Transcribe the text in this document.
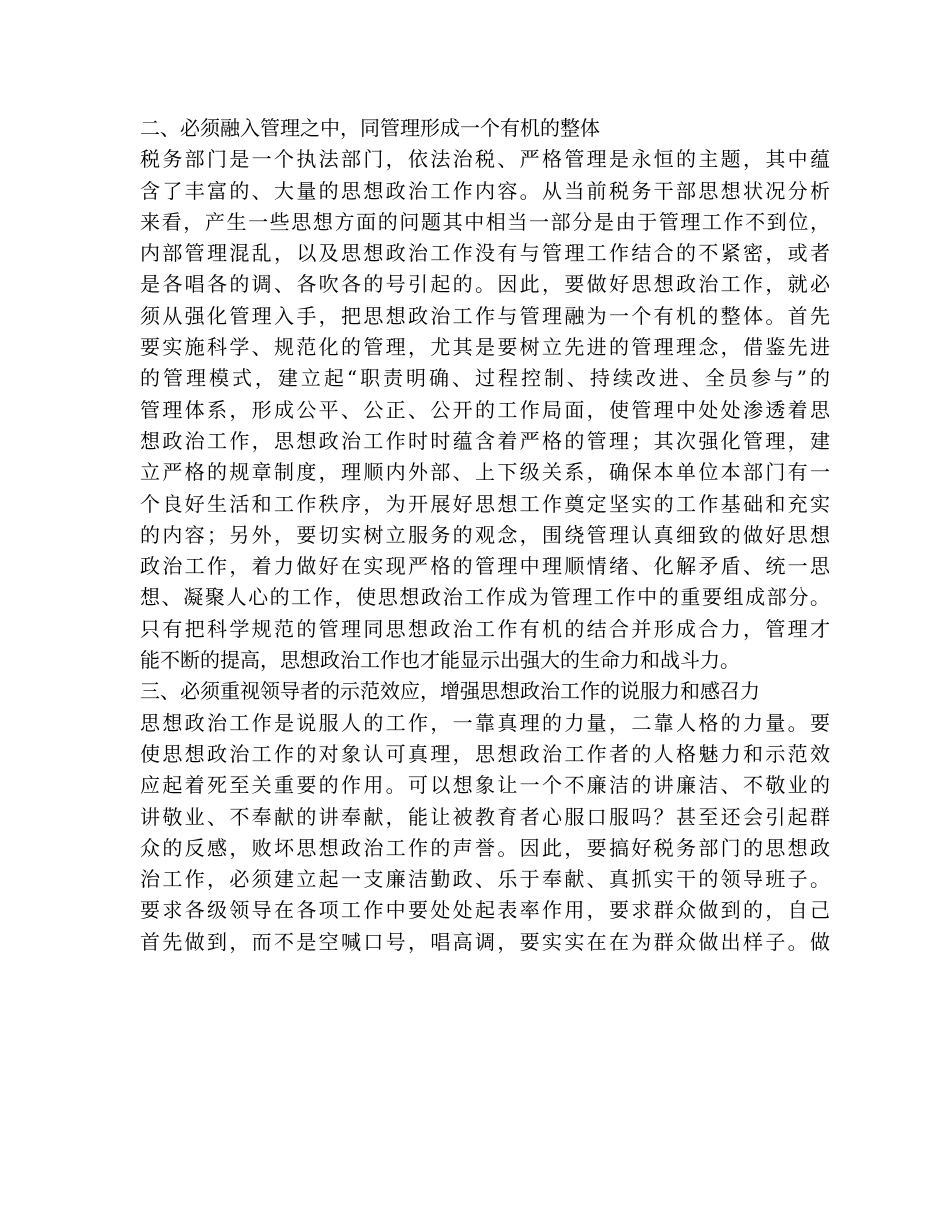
二、必须融入管理之中，同管理形成一个有机的整体
税务部门是一个执法部门，依法治税、严格管理是永恒的主题，其中蕴
含了丰富的、大量的思想政治工作内容。从当前税务干部思想状况分析
来看，产生一些思想方面的问题其中相当一部分是由于管理工作不到位，
内部管理混乱，以及思想政治工作没有与管理工作结合的不紧密，或者
是各唱各的调、各吹各的号引起的。因此，要做好思想政治工作，就必
须从强化管理入手，把思想政治工作与管理融为一个有机的整体。首先
要实施科学、规范化的管理，尤其是要树立先进的管理理念，借鉴先进
的管理模式，建立起“职责明确、过程控制、持续改进、全员参与”的
管理体系，形成公平、公正、公开的工作局面，使管理中处处渗透着思
想政治工作，思想政治工作时时蕴含着严格的管理；其次强化管理，建
立严格的规章制度，理顺内外部、上下级关系，确保本单位本部门有一
个良好生活和工作秩序，为开展好思想工作奠定坚实的工作基础和充实
的内容；另外，要切实树立服务的观念，围绕管理认真细致的做好思想
政治工作，着力做好在实现严格的管理中理顺情绪、化解矛盾、统一思
想、凝聚人心的工作，使思想政治工作成为管理工作中的重要组成部分。
只有把科学规范的管理同思想政治工作有机的结合并形成合力，管理才
能不断的提高，思想政治工作也才能显示出强大的生命力和战斗力。
三、必须重视领导者的示范效应，增强思想政治工作的说服力和感召力
思想政治工作是说服人的工作，一靠真理的力量，二靠人格的力量。要
使思想政治工作的对象认可真理，思想政治工作者的人格魅力和示范效
应起着死至关重要的作用。可以想象让一个不廉洁的讲廉洁、不敬业的
讲敬业、不奉献的讲奉献，能让被教育者心服口服吗？甚至还会引起群
众的反感，败坏思想政治工作的声誉。因此，要搞好税务部门的思想政
治工作，必须建立起一支廉洁勤政、乐于奉献、真抓实干的领导班子。
要求各级领导在各项工作中要处处起表率作用，要求群众做到的，自己
首先做到，而不是空喊口号，唱高调，要实实在在为群众做出样子。做
